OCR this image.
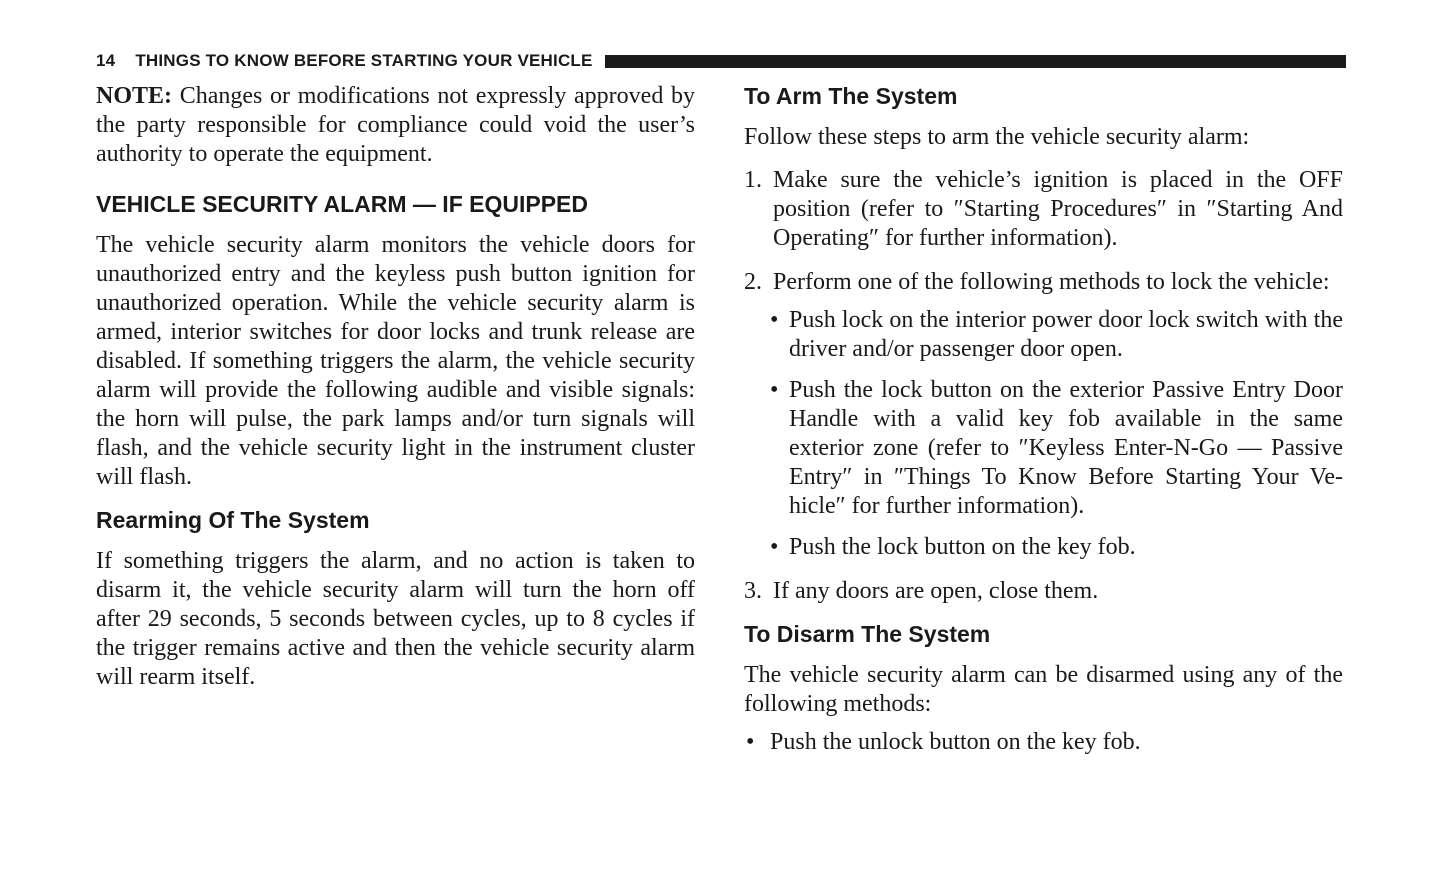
14 THINGS TO KNOW BEFORE STARTING YOUR VEHICLE

NOTE: Changes or modifications not expressly approved by the party responsible for compliance could void the user’s authority to operate the equipment.

VEHICLE SECURITY ALARM — IF EQUIPPED

The vehicle security alarm monitors the vehicle doors for unauthorized entry and the keyless push button ignition for unauthorized operation. While the vehicle security alarm is armed, interior switches for door locks and trunk release are disabled. If something triggers the alarm, the vehicle security alarm will provide the following audible and visible signals: the horn will pulse, the park lamps and/or turn signals will flash, and the vehicle security light in the instrument cluster will flash.

Rearming Of The System

If something triggers the alarm, and no action is taken to disarm it, the vehicle security alarm will turn the horn off after 29 seconds, 5 seconds between cycles, up to 8 cycles if the trigger remains active and then the vehicle security alarm will rearm itself.

To Arm The System

Follow these steps to arm the vehicle security alarm:

1. Make sure the vehicle’s ignition is placed in the OFF position (refer to ″Starting Procedures″ in ″Starting And Operating″ for further information).

2. Perform one of the following methods to lock the vehicle:

• Push lock on the interior power door lock switch with the driver and/or passenger door open.

• Push the lock button on the exterior Passive Entry Door Handle with a valid key fob available in the same exterior zone (refer to ″Keyless Enter-N-Go — Passive Entry″ in ″Things To Know Before Starting Your Ve-hicle″ for further information).

• Push the lock button on the key fob.

3. If any doors are open, close them.

To Disarm The System

The vehicle security alarm can be disarmed using any of the following methods:

• Push the unlock button on the key fob.
